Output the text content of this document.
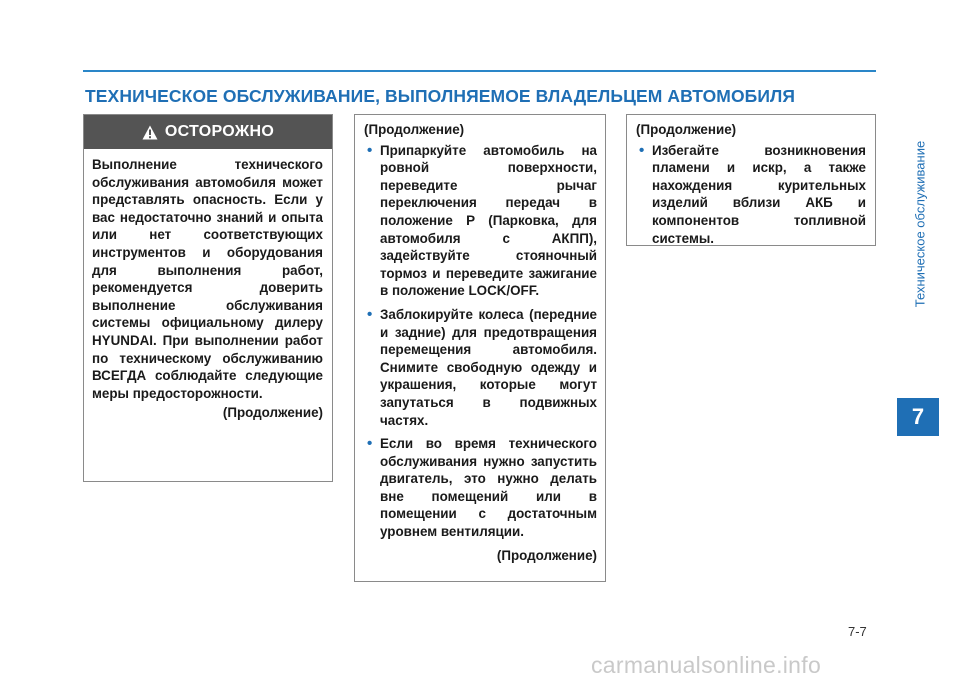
ТЕХНИЧЕСКОЕ ОБСЛУЖИВАНИЕ, ВЫПОЛНЯЕМОЕ ВЛАДЕЛЬЦЕМ АВТОМОБИЛЯ
Техническое обслуживание
7
ОСТОРОЖНО
Выполнение технического обслуживания автомобиля может представлять опасность. Если у вас недостаточно знаний и опыта или нет соответствующих инструментов и оборудования для выполнения работ, рекомендуется доверить выполнение обслуживания системы официальному дилеру HYUNDAI. При выполнении работ по техническому обслуживанию ВСЕГДА соблюдайте следующие меры предосторожности.
(Продолжение)
(Продолжение)
• Припаркуйте автомобиль на ровной поверхности, переведите рычаг переключения передач в положение P (Парковка, для автомобиля с АКПП), задействуйте стояночный тормоз и переведите зажигание в положение LOCK/OFF.
• Заблокируйте колеса (передние и задние) для предотвращения перемещения автомобиля. Снимите свободную одежду и украшения, которые могут запутаться в подвижных частях.
• Если во время технического обслуживания нужно запустить двигатель, это нужно делать вне помещений или в помещении с достаточным уровнем вентиляции.
(Продолжение)
(Продолжение)
• Избегайте возникновения пламени и искр, а также нахождения курительных изделий вблизи АКБ и компонентов топливной системы.
7-7
carmanualsonline.info
